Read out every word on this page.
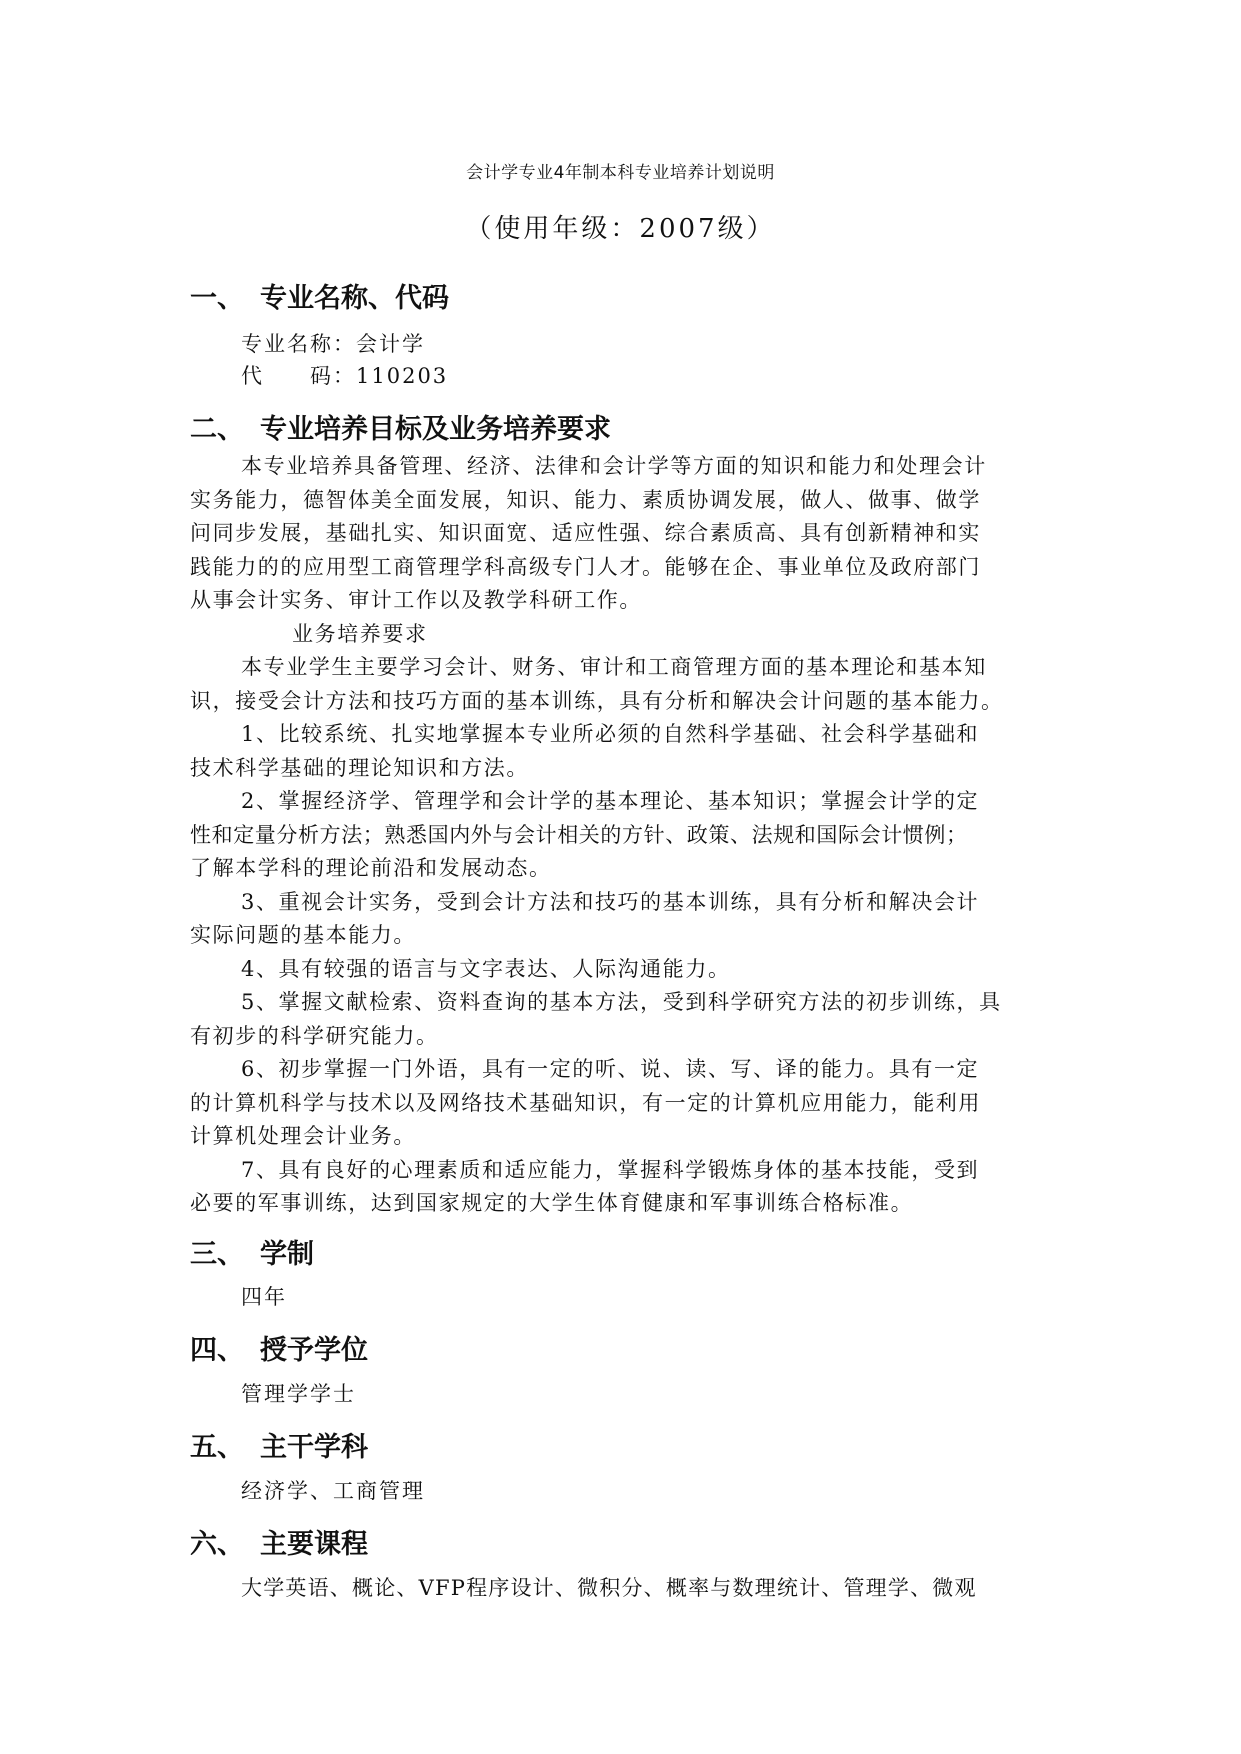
会计学专业4年制本科专业培养计划说明
（使用年级：2007级）
一、 专业名称、代码
专业名称：会计学
代　　码：110203
二、 专业培养目标及业务培养要求
本专业培养具备管理、经济、法律和会计学等方面的知识和能力和处理会计
实务能力，德智体美全面发展，知识、能力、素质协调发展，做人、做事、做学
问同步发展，基础扎实、知识面宽、适应性强、综合素质高、具有创新精神和实
践能力的的应用型工商管理学科高级专门人才。能够在企、事业单位及政府部门
从事会计实务、审计工作以及教学科研工作。
业务培养要求
本专业学生主要学习会计、财务、审计和工商管理方面的基本理论和基本知
识，接受会计方法和技巧方面的基本训练，具有分析和解决会计问题的基本能力。
1、比较系统、扎实地掌握本专业所必须的自然科学基础、社会科学基础和
技术科学基础的理论知识和方法。
2、掌握经济学、管理学和会计学的基本理论、基本知识；掌握会计学的定
性和定量分析方法；熟悉国内外与会计相关的方针、政策、法规和国际会计惯例；
了解本学科的理论前沿和发展动态。
3、重视会计实务，受到会计方法和技巧的基本训练，具有分析和解决会计
实际问题的基本能力。
4、具有较强的语言与文字表达、人际沟通能力。
5、掌握文献检索、资料查询的基本方法，受到科学研究方法的初步训练，具
有初步的科学研究能力。
6、初步掌握一门外语，具有一定的听、说、读、写、译的能力。具有一定
的计算机科学与技术以及网络技术基础知识，有一定的计算机应用能力，能利用
计算机处理会计业务。
7、具有良好的心理素质和适应能力，掌握科学锻炼身体的基本技能，受到
必要的军事训练，达到国家规定的大学生体育健康和军事训练合格标准。
三、 学制
四年
四、 授予学位
管理学学士
五、 主干学科
经济学、工商管理
六、 主要课程
大学英语、概论、VFP程序设计、微积分、概率与数理统计、管理学、微观
